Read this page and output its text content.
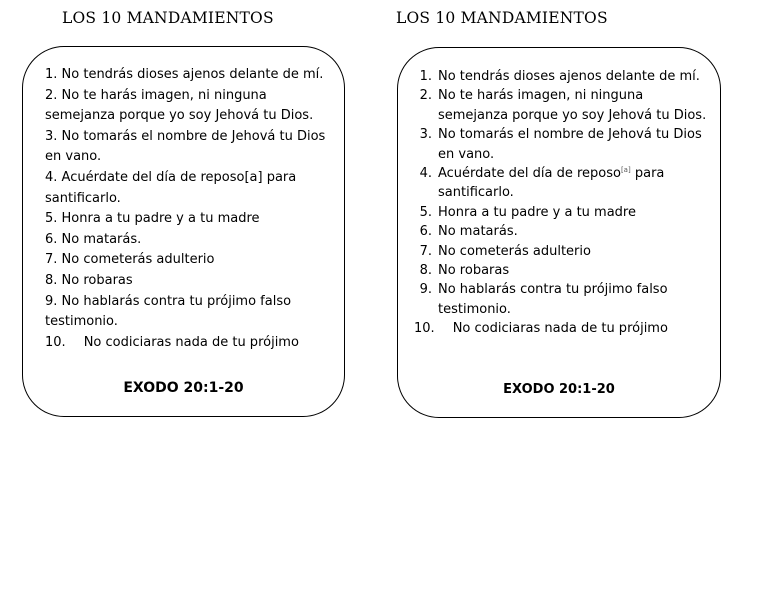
LOS 10 MANDAMIENTOS	LOS 10 MANDAMIENTOS
1. No tendrás dioses ajenos delante de mí.
2. No te harás imagen, ni ninguna semejanza porque yo soy Jehová tu Dios.
3. No tomarás el nombre de Jehová tu Dios en vano.
4. Acuérdate del día de reposo[a] para santificarlo.
5. Honra a tu padre y a tu madre
6. No matarás.
7. No cometerás adulterio
8. No robaras
9. No hablarás contra tu prójimo falso testimonio.
10. No codiciaras nada de tu prójimo
EXODO 20:1-20
1. No tendrás dioses ajenos delante de mí.
2. No te harás imagen, ni ninguna semejanza porque yo soy Jehová tu Dios.
3. No tomarás el nombre de Jehová tu Dios en vano.
4. Acuérdate del día de reposo[a] para santificarlo.
5. Honra a tu padre y a tu madre
6. No matarás.
7. No cometerás adulterio
8. No robaras
9. No hablarás contra tu prójimo falso testimonio.
10. No codiciaras nada de tu prójimo
EXODO 20:1-20
